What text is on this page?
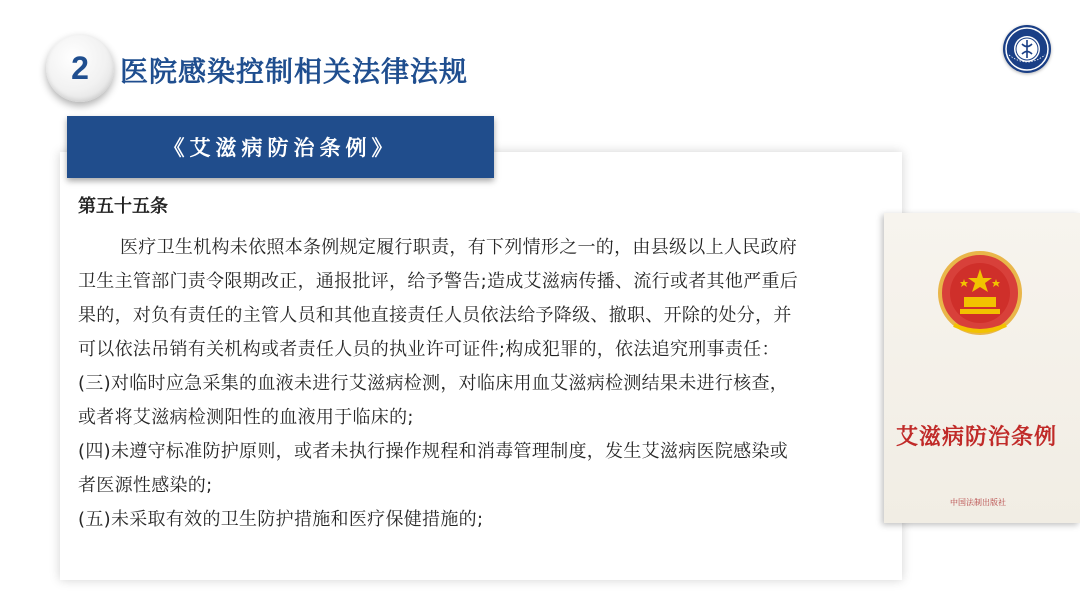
2 医院感染控制相关法律法规
《艾滋病防治条例》
第五十五条
医疗卫生机构未依照本条例规定履行职责，有下列情形之一的，由县级以上人民政府
卫生主管部门责令限期改正，通报批评，给予警告;造成艾滋病传播、流行或者其他严重后
果的，对负有责任的主管人员和其他直接责任人员依法给予降级、撤职、开除的处分，并
可以依法吊销有关机构或者责任人员的执业许可证件;构成犯罪的，依法追究刑事责任：
(三)对临时应急采集的血液未进行艾滋病检测，对临床用血艾滋病检测结果未进行核查，
或者将艾滋病检测阳性的血液用于临床的;
(四)未遵守标准防护原则，或者未执行操作规程和消毒管理制度，发生艾滋病医院感染或
者医源性感染的;
(五)未采取有效的卫生防护措施和医疗保健措施的;
艾滋病防治条例
中国法制出版社
